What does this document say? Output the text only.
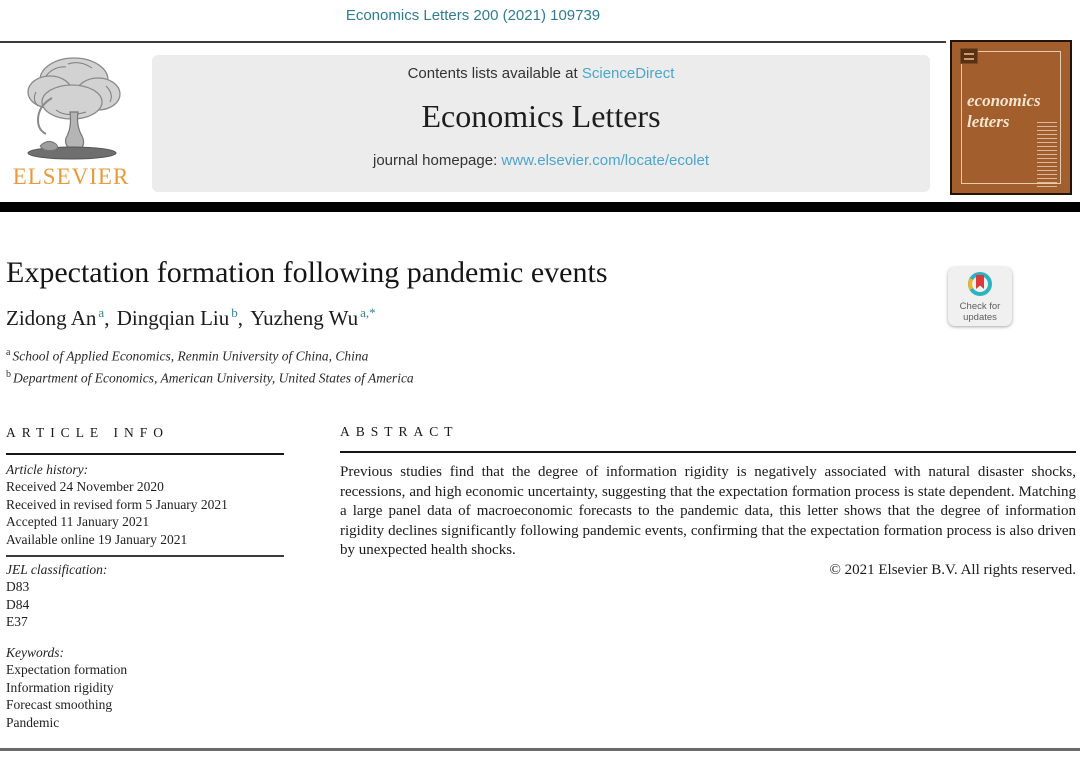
Economics Letters 200 (2021) 109739
ELSEVIER
Contents lists available at ScienceDirect
Economics Letters
journal homepage: www.elsevier.com/locate/ecolet
economics
letters
Expectation formation following pandemic events
Check for
updates
Zidong An $^a$, Dingqian Liu $^b$, Yuzheng Wu $^{a,*}$
$^a$ School of Applied Economics, Renmin University of China, China
$^b$ Department of Economics, American University, United States of America
ARTICLE INFO
Article history:
Received 24 November 2020
Received in revised form 5 January 2021
Accepted 11 January 2021
Available online 19 January 2021
JEL classification:
D83
D84
E37
Keywords:
Expectation formation
Information rigidity
Forecast smoothing
Pandemic
ABSTRACT

Previous studies find that the degree of information rigidity is negatively associated with natural disaster shocks, recessions, and high economic uncertainty, suggesting that the expectation formation process is state dependent. Matching a large panel data of macroeconomic forecasts to the pandemic data, this letter shows that the degree of information rigidity declines significantly following pandemic events, confirming that the expectation formation process is also driven by unexpected health shocks.

© 2021 Elsevier B.V. All rights reserved.
